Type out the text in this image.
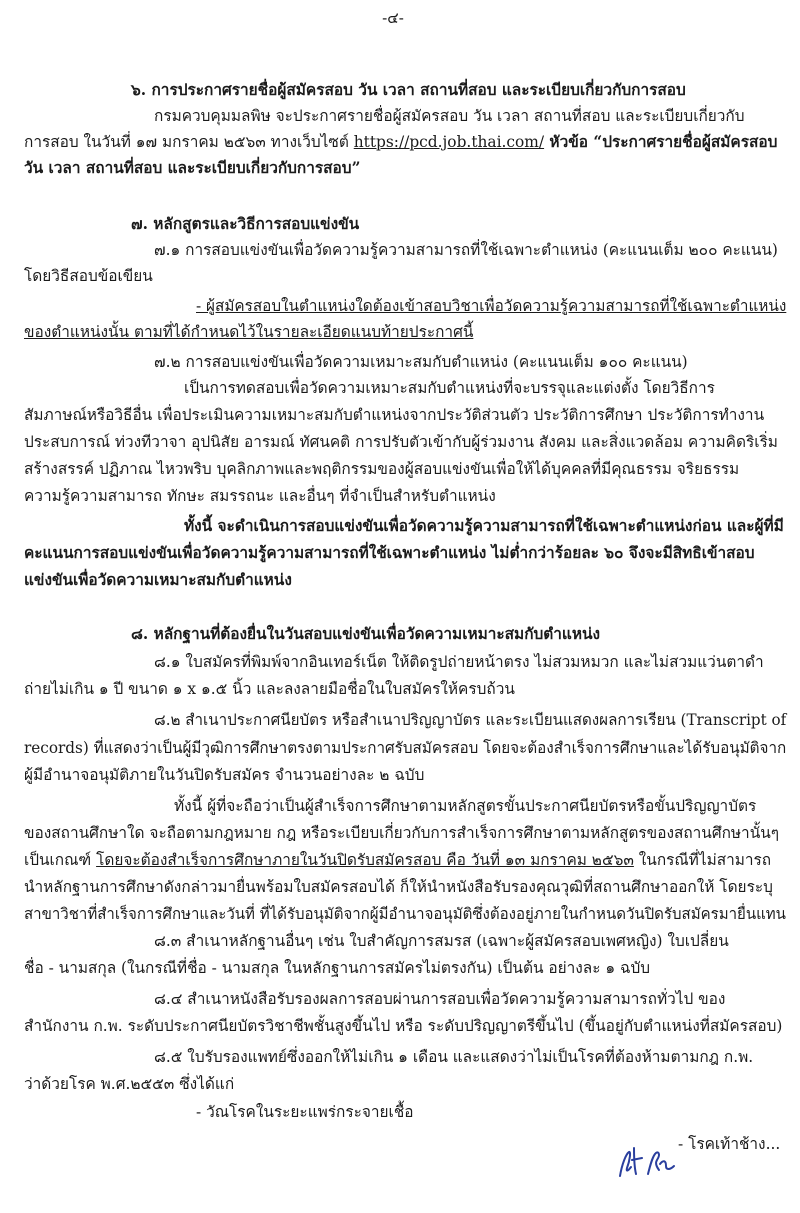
-๔-
๖. การประกาศรายชื่อผู้สมัครสอบ วัน เวลา สถานที่สอบ และระเบียบเกี่ยวกับการสอบ
กรมควบคุมมลพิษ จะประกาศรายชื่อผู้สมัครสอบ วัน เวลา สถานที่สอบ และระเบียบเกี่ยวกับ
การสอบ ในวันที่ ๑๗ มกราคม ๒๕๖๓ ทางเว็บไซต์ https://pcd.job.thai.com/ หัวข้อ “ประกาศรายชื่อผู้สมัครสอบ
วัน เวลา สถานที่สอบ และระเบียบเกี่ยวกับการสอบ”
๗. หลักสูตรและวิธีการสอบแข่งขัน
๗.๑ การสอบแข่งขันเพื่อวัดความรู้ความสามารถที่ใช้เฉพาะตำแหน่ง (คะแนนเต็ม ๒๐๐ คะแนน)
โดยวิธีสอบข้อเขียน
- ผู้สมัครสอบในตำแหน่งใดต้องเข้าสอบวิชาเพื่อวัดความรู้ความสามารถที่ใช้เฉพาะตำแหน่ง
ของตำแหน่งนั้น ตามที่ได้กำหนดไว้ในรายละเอียดแนบท้ายประกาศนี้
๗.๒ การสอบแข่งขันเพื่อวัดความเหมาะสมกับตำแหน่ง (คะแนนเต็ม ๑๐๐ คะแนน)
เป็นการทดสอบเพื่อวัดความเหมาะสมกับตำแหน่งที่จะบรรจุและแต่งตั้ง โดยวิธีการ
สัมภาษณ์หรือวิธีอื่น เพื่อประเมินความเหมาะสมกับตำแหน่งจากประวัติส่วนตัว ประวัติการศึกษา ประวัติการทำงาน
ประสบการณ์ ท่วงทีวาจา อุปนิสัย อารมณ์ ทัศนคติ การปรับตัวเข้ากับผู้ร่วมงาน สังคม และสิ่งแวดล้อม ความคิดริเริ่ม
สร้างสรรค์ ปฏิภาณ ไหวพริบ บุคลิกภาพและพฤติกรรมของผู้สอบแข่งขันเพื่อให้ได้บุคคลที่มีคุณธรรม จริยธรรม
ความรู้ความสามารถ ทักษะ สมรรถนะ และอื่นๆ ที่จำเป็นสำหรับตำแหน่ง
ทั้งนี้ จะดำเนินการสอบแข่งขันเพื่อวัดความรู้ความสามารถที่ใช้เฉพาะตำแหน่งก่อน และผู้ที่มี
คะแนนการสอบแข่งขันเพื่อวัดความรู้ความสามารถที่ใช้เฉพาะตำแหน่ง ไม่ต่ำกว่าร้อยละ ๖๐ จึงจะมีสิทธิเข้าสอบ
แข่งขันเพื่อวัดความเหมาะสมกับตำแหน่ง
๘. หลักฐานที่ต้องยื่นในวันสอบแข่งขันเพื่อวัดความเหมาะสมกับตำแหน่ง
๘.๑ ใบสมัครที่พิมพ์จากอินเทอร์เน็ต ให้ติดรูปถ่ายหน้าตรง ไม่สวมหมวก และไม่สวมแว่นตาดำ
ถ่ายไม่เกิน ๑ ปี ขนาด ๑ x ๑.๕ นิ้ว และลงลายมือชื่อในใบสมัครให้ครบถ้วน
๘.๒ สำเนาประกาศนียบัตร หรือสำเนาปริญญาบัตร และระเบียนแสดงผลการเรียน (Transcript of
records) ที่แสดงว่าเป็นผู้มีวุฒิการศึกษาตรงตามประกาศรับสมัครสอบ โดยจะต้องสำเร็จการศึกษาและได้รับอนุมัติจาก
ผู้มีอำนาจอนุมัติภายในวันปิดรับสมัคร จำนวนอย่างละ ๒ ฉบับ
ทั้งนี้ ผู้ที่จะถือว่าเป็นผู้สำเร็จการศึกษาตามหลักสูตรขั้นประกาศนียบัตรหรือขั้นปริญญาบัตร
ของสถานศึกษาใด จะถือตามกฎหมาย กฎ หรือระเบียบเกี่ยวกับการสำเร็จการศึกษาตามหลักสูตรของสถานศึกษานั้นๆ
เป็นเกณฑ์ โดยจะต้องสำเร็จการศึกษาภายในวันปิดรับสมัครสอบ คือ วันที่ ๑๓ มกราคม ๒๕๖๓ ในกรณีที่ไม่สามารถ
นำหลักฐานการศึกษาดังกล่าวมายื่นพร้อมใบสมัครสอบได้ ก็ให้นำหนังสือรับรองคุณวุฒิที่สถานศึกษาออกให้ โดยระบุ
สาขาวิชาที่สำเร็จการศึกษาและวันที่ ที่ได้รับอนุมัติจากผู้มีอำนาจอนุมัติซึ่งต้องอยู่ภายในกำหนดวันปิดรับสมัครมายื่นแทน
๘.๓ สำเนาหลักฐานอื่นๆ เช่น ใบสำคัญการสมรส (เฉพาะผู้สมัครสอบเพศหญิง) ใบเปลี่ยน
ชื่อ - นามสกุล (ในกรณีที่ชื่อ - นามสกุล ในหลักฐานการสมัครไม่ตรงกัน) เป็นต้น อย่างละ ๑ ฉบับ
๘.๔ สำเนาหนังสือรับรองผลการสอบผ่านการสอบเพื่อวัดความรู้ความสามารถทั่วไป ของ
สำนักงาน ก.พ. ระดับประกาศนียบัตรวิชาชีพชั้นสูงขึ้นไป หรือ ระดับปริญญาตรีขึ้นไป (ขึ้นอยู่กับตำแหน่งที่สมัครสอบ)
๘.๕ ใบรับรองแพทย์ซึ่งออกให้ไม่เกิน ๑ เดือน และแสดงว่าไม่เป็นโรคที่ต้องห้ามตามกฎ ก.พ.
ว่าด้วยโรค พ.ศ.๒๕๕๓ ซึ่งได้แก่
- วัณโรคในระยะแพร่กระจายเชื้อ
- โรคเท้าช้าง...
